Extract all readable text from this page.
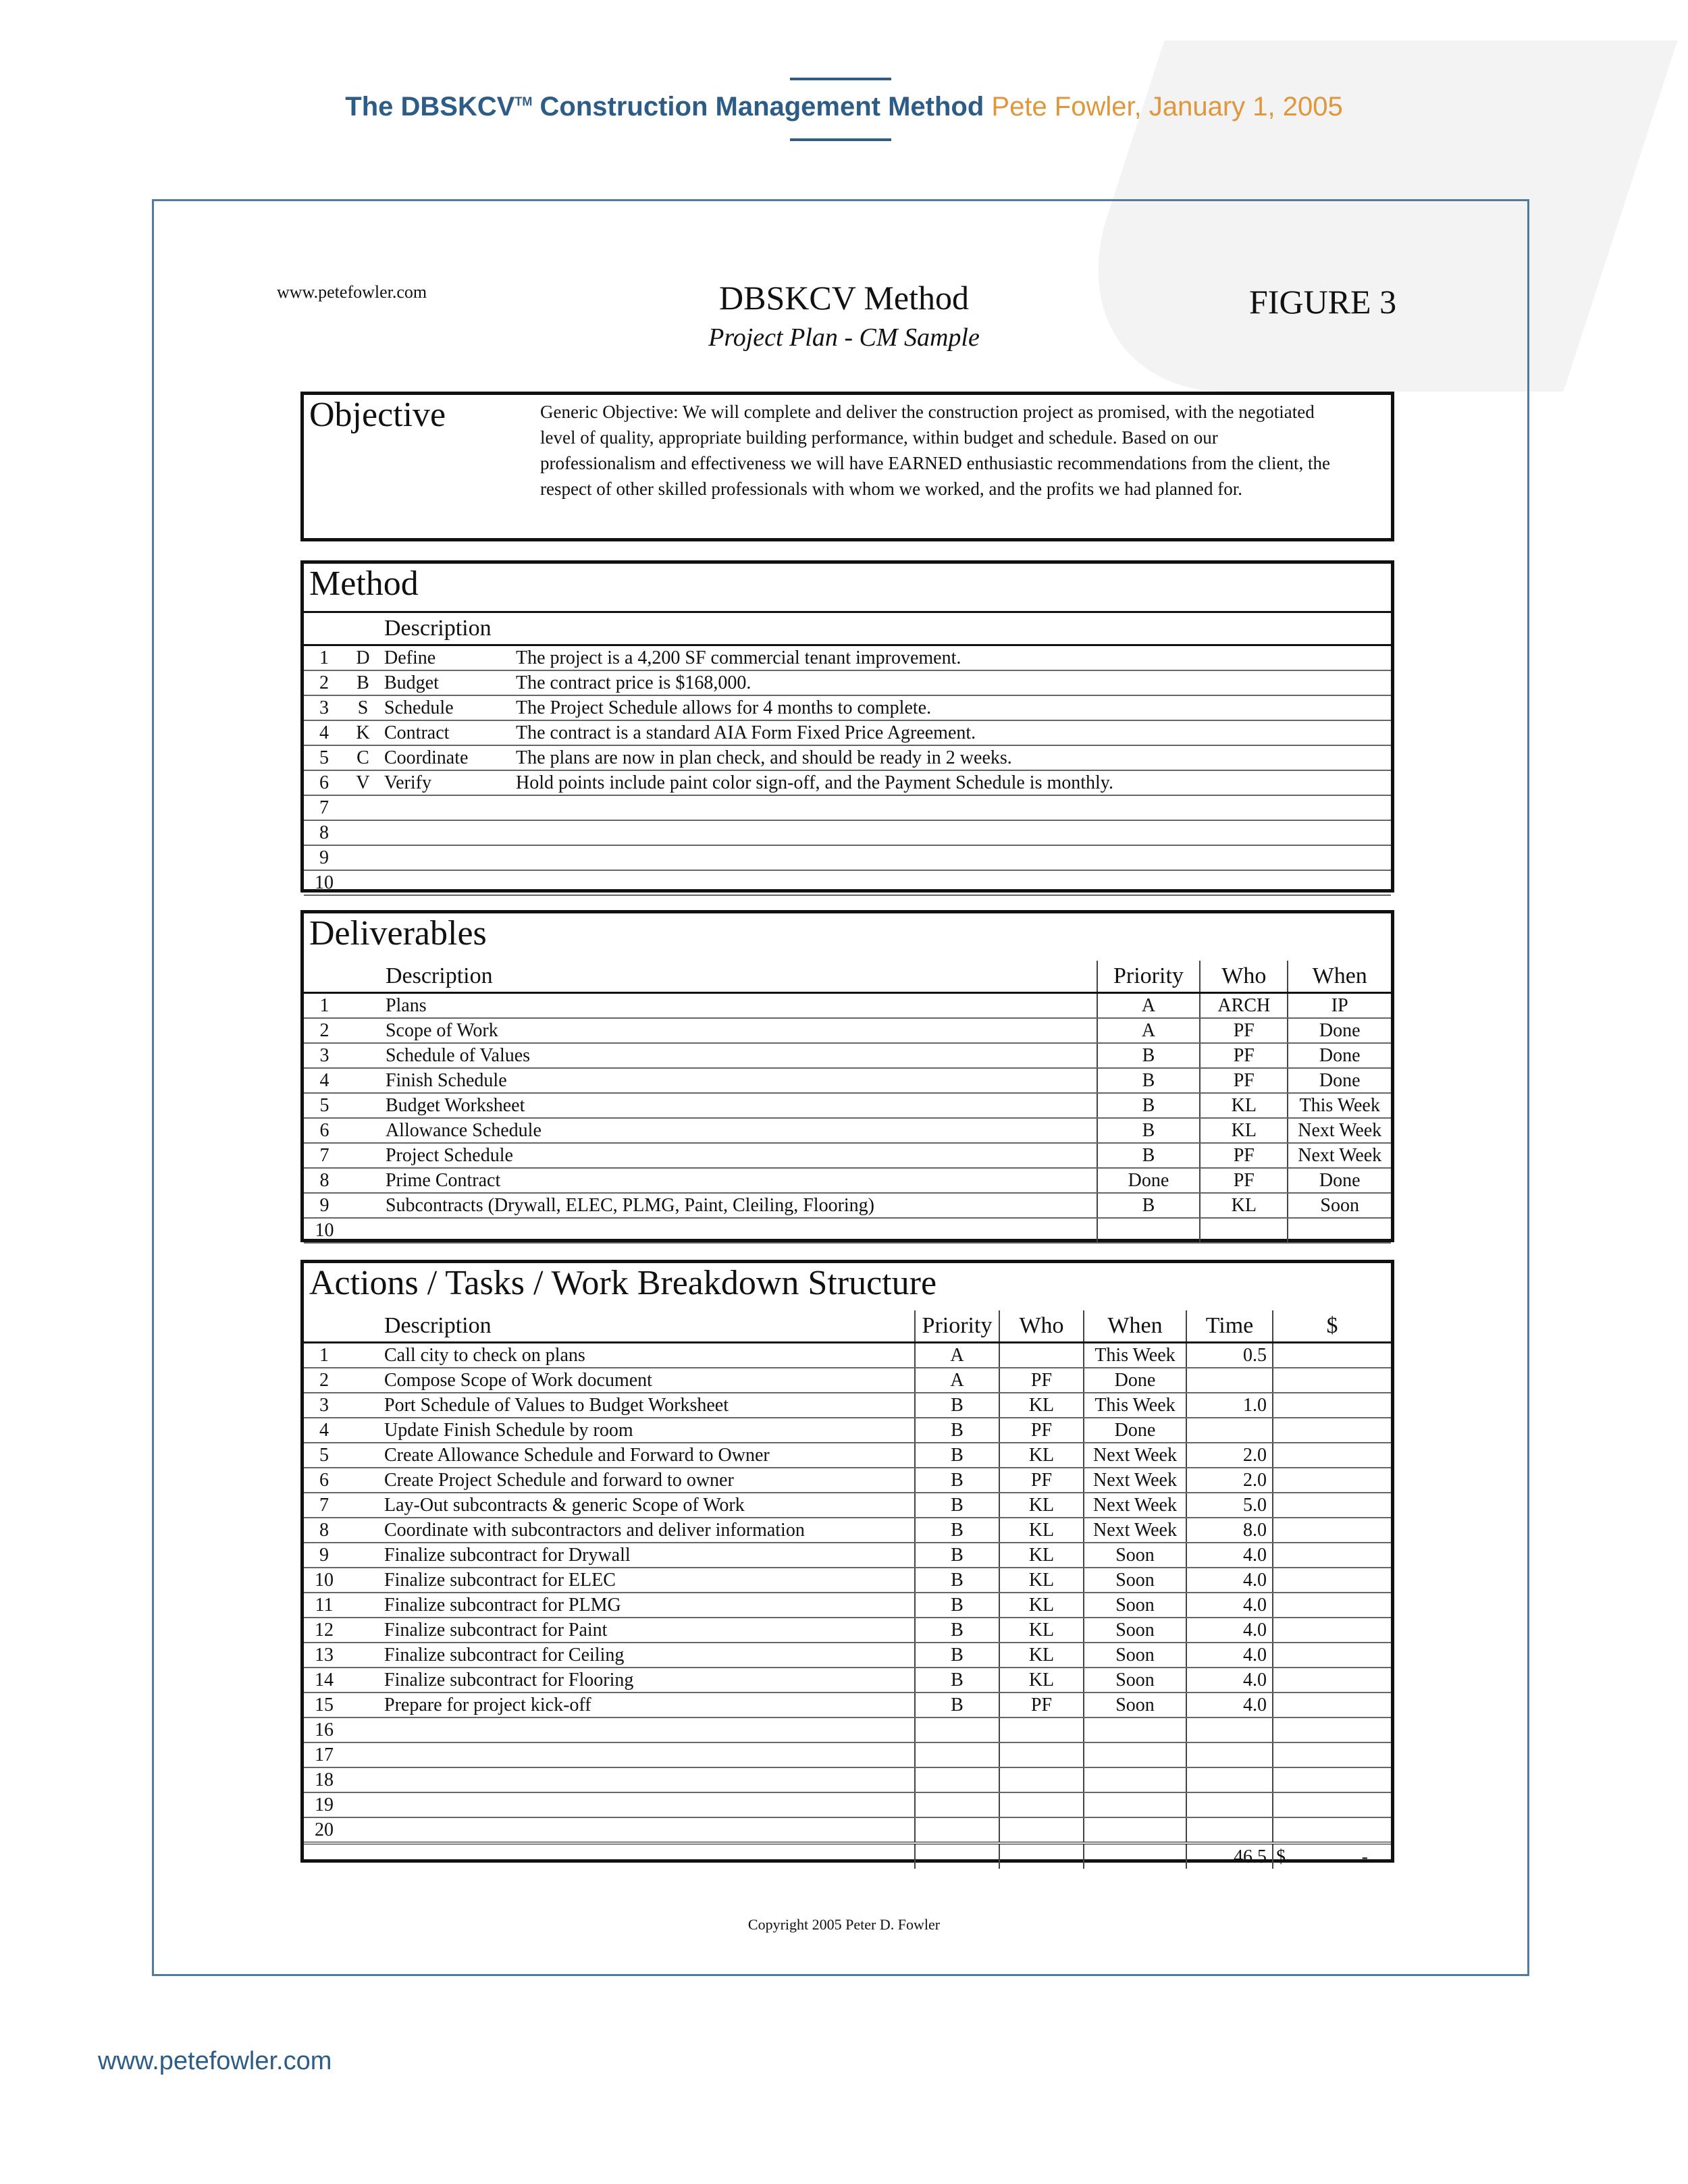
The DBSKCV™ Construction Management Method Pete Fowler, January 1, 2005
www.petefowler.com	DBSKCV Method
Project Plan - CM Sample
FIGURE 3
Objective	Generic Objective: We will complete and deliver the construction project as promised, with the negotiated
level of quality, appropriate building performance, within budget and schedule. Based on our
professionalism and effectiveness we will have EARNED enthusiastic recommendations from the client, the
respect of other skilled professionals with whom we worked, and the profits we had planned for.
Method
		Description	
1	D	Define	The project is a 4,200 SF commercial tenant improvement.
2	B	Budget	The contract price is $168,000.
3	S	Schedule	The Project Schedule allows for 4 months to complete.
4	K	Contract	The contract is a standard AIA Form Fixed Price Agreement.
5	C	Coordinate	The plans are now in plan check, and should be ready in 2 weeks.
6	V	Verify	Hold points include paint color sign-off, and the Payment Schedule is monthly.
7			
8			
9			
10			
Deliverables
		Description	Priority	Who	When
1		Plans	A	ARCH	IP
2		Scope of Work	A	PF	Done
3		Schedule of Values	B	PF	Done
4		Finish Schedule	B	PF	Done
5		Budget Worksheet	B	KL	This Week
6		Allowance Schedule	B	KL	Next Week
7		Project Schedule	B	PF	Next Week
8		Prime Contract	Done	PF	Done
9		Subcontracts (Drywall, ELEC, PLMG, Paint, Cleiling, Flooring)	B	KL	Soon
10					
Actions / Tasks / Work Breakdown Structure
		Description	Priority	Who	When	Time	$
1		Call city to check on plans	A		This Week	0.5	
2		Compose Scope of Work document	A	PF	Done		
3		Port Schedule of Values to Budget Worksheet	B	KL	This Week	1.0	
4		Update Finish Schedule by room	B	PF	Done		
5		Create Allowance Schedule and Forward to Owner	B	KL	Next Week	2.0	
6		Create Project Schedule and forward to owner	B	PF	Next Week	2.0	
7		Lay-Out subcontracts & generic Scope of Work	B	KL	Next Week	5.0	
8		Coordinate with subcontractors and deliver information	B	KL	Next Week	8.0	
9		Finalize subcontract for Drywall	B	KL	Soon	4.0	
10		Finalize subcontract for ELEC	B	KL	Soon	4.0	
11		Finalize subcontract for PLMG	B	KL	Soon	4.0	
12		Finalize subcontract for Paint	B	KL	Soon	4.0	
13		Finalize subcontract for Ceiling	B	KL	Soon	4.0	
14		Finalize subcontract for Flooring	B	KL	Soon	4.0	
15		Prepare for project kick-off	B	PF	Soon	4.0	
16							
17							
18							
19							
20							
						46.5	$ -
Copyright 2005 Peter D. Fowler
www.petefowler.com
